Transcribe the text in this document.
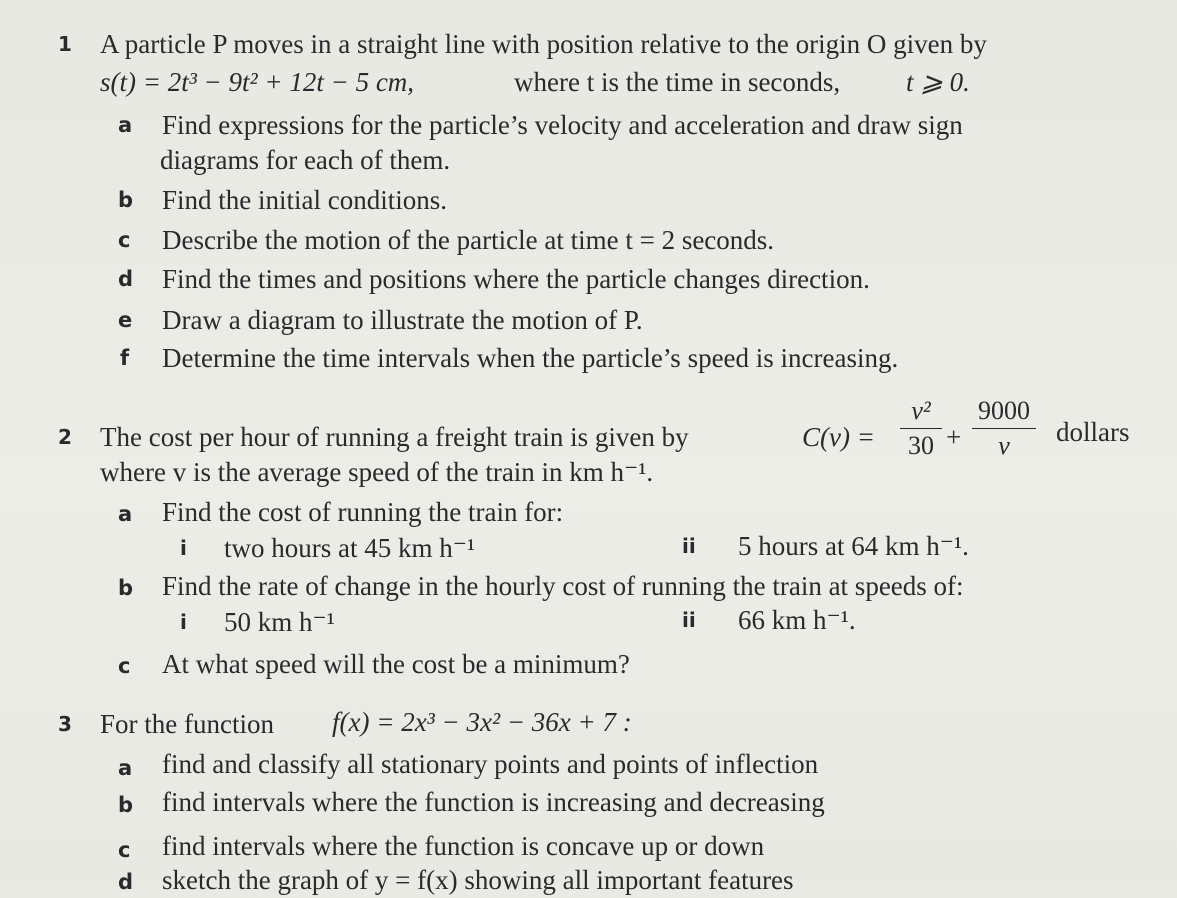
1 A particle P moves in a straight line with position relative to the origin O given by
s(t) = 2t³ − 9t² + 12t − 5 cm,	where t is the time in seconds, t ⩾ 0.
a Find expressions for the particle’s velocity and acceleration and draw sign
diagrams for each of them.
b Find the initial conditions.
c Describe the motion of the particle at time t = 2 seconds.
d Find the times and positions where the particle changes direction.
e Draw a diagram to illustrate the motion of P.
f Determine the time intervals when the particle’s speed is increasing.
2 The cost per hour of running a freight train is given by	C(v) =
v²
30 +
9000
v	dollars
where v is the average speed of the train in km h⁻¹.
a Find the cost of running the train for:
i two hours at 45 km h⁻¹	ii 5 hours at 64 km h⁻¹.
b Find the rate of change in the hourly cost of running the train at speeds of:
i 50 km h⁻¹	ii 66 km h⁻¹.
c At what speed will the cost be a minimum?
3 For the function f(x) = 2x³ − 3x² − 36x + 7 :
a find and classify all stationary points and points of inflection
b find intervals where the function is increasing and decreasing
c find intervals where the function is concave up or down
d sketch the graph of y = f(x) showing all important features
